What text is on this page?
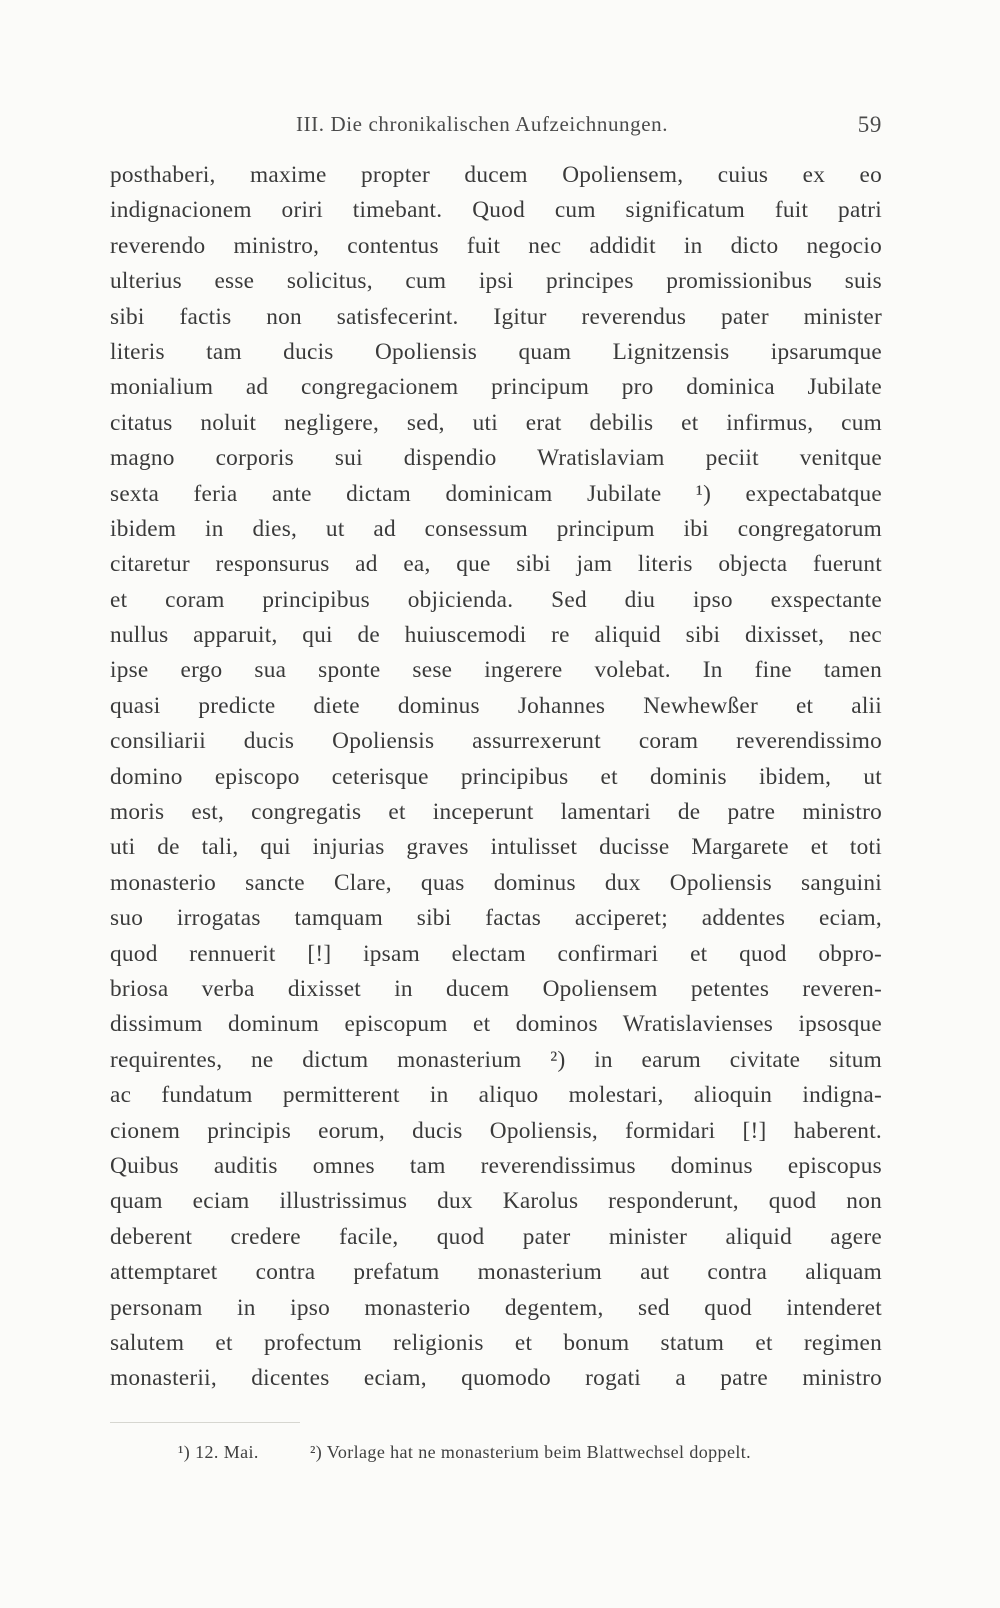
III. Die chronikalischen Aufzeichnungen.	59
posthaberi, maxime propter ducem Opoliensem, cuius ex eo
indignacionem oriri timebant. Quod cum significatum fuit patri
reverendo ministro, contentus fuit nec addidit in dicto negocio
ulterius esse solicitus, cum ipsi principes promissionibus suis
sibi factis non satisfecerint. Igitur reverendus pater minister
literis tam ducis Opoliensis quam Lignitzensis ipsarumque
monialium ad congregacionem principum pro dominica Jubilate
citatus noluit negligere, sed, uti erat debilis et infirmus, cum
magno corporis sui dispendio Wratislaviam peciit venitque
sexta feria ante dictam dominicam Jubilate ¹) expectabatque
ibidem in dies, ut ad consessum principum ibi congregatorum
citaretur responsurus ad ea, que sibi jam literis objecta fuerunt
et coram principibus objicienda. Sed diu ipso exspectante
nullus apparuit, qui de huiuscemodi re aliquid sibi dixisset, nec
ipse ergo sua sponte sese ingerere volebat. In fine tamen
quasi predicte diete dominus Johannes Newhewßer et alii
consiliarii ducis Opoliensis assurrexerunt coram reverendissimo
domino episcopo ceterisque principibus et dominis ibidem, ut
moris est, congregatis et inceperunt lamentari de patre ministro
uti de tali, qui injurias graves intulisset ducisse Margarete et toti
monasterio sancte Clare, quas dominus dux Opoliensis sanguini
suo irrogatas tamquam sibi factas acciperet; addentes eciam,
quod rennuerit [!] ipsam electam confirmari et quod obpro-
briosa verba dixisset in ducem Opoliensem petentes reveren-
dissimum dominum episcopum et dominos Wratislavienses ipsosque
requirentes, ne dictum monasterium ²) in earum civitate situm
ac fundatum permitterent in aliquo molestari, alioquin indigna-
cionem principis eorum, ducis Opoliensis, formidari [!] haberent.
Quibus auditis omnes tam reverendissimus dominus episcopus
quam eciam illustrissimus dux Karolus responderunt, quod non
deberent credere facile, quod pater minister aliquid agere
attemptaret contra prefatum monasterium aut contra aliquam
personam in ipso monasterio degentem, sed quod intenderet
salutem et profectum religionis et bonum statum et regimen
monasterii, dicentes eciam, quomodo rogati a patre ministro
¹) 12. Mai.	²) Vorlage hat ne monasterium beim Blattwechsel doppelt.
